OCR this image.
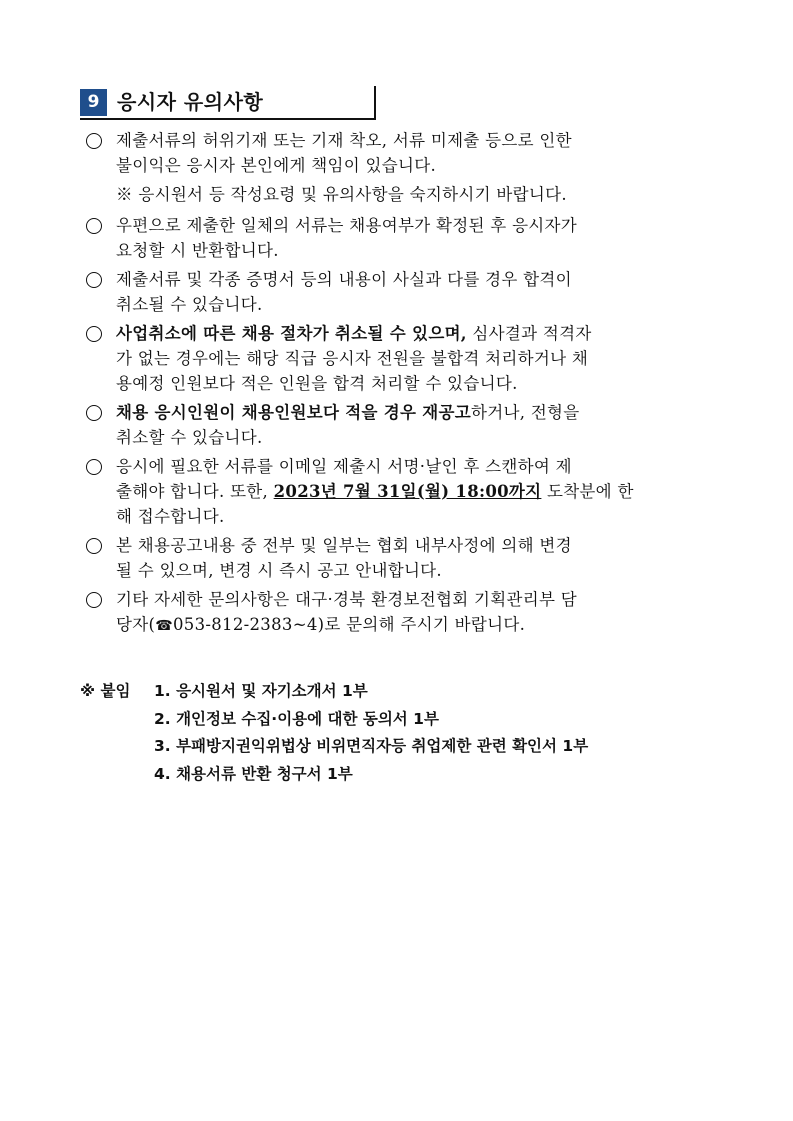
9 응시자 유의사항
제출서류의 허위기재 또는 기재 착오, 서류 미제출 등으로 인한
불이익은 응시자 본인에게 책임이 있습니다.
※ 응시원서 등 작성요령 및 유의사항을 숙지하시기 바랍니다.
우편으로 제출한 일체의 서류는 채용여부가 확정된 후 응시자가
요청할 시 반환합니다.
제출서류 및 각종 증명서 등의 내용이 사실과 다를 경우 합격이
취소될 수 있습니다.
사업취소에 따른 채용 절차가 취소될 수 있으며, 심사결과 적격자
가 없는 경우에는 해당 직급 응시자 전원을 불합격 처리하거나 채
용예정 인원보다 적은 인원을 합격 처리할 수 있습니다.
채용 응시인원이 채용인원보다 적을 경우 재공고하거나, 전형을
취소할 수 있습니다.
응시에 필요한 서류를 이메일 제출시 서명·날인 후 스캔하여 제
출해야 합니다. 또한, 2023년 7월 31일(월) 18:00까지 도착분에 한
해 접수합니다.
본 채용공고내용 중 전부 및 일부는 협회 내부사정에 의해 변경
될 수 있으며, 변경 시 즉시 공고 안내합니다.
기타 자세한 문의사항은 대구·경북 환경보전협회 기획관리부 담
당자(☎053-812-2383~4)로 문의해 주시기 바랍니다.
※ 붙임 1. 응시원서 및 자기소개서 1부
2. 개인정보 수집·이용에 대한 동의서 1부
3. 부패방지권익위법상 비위면직자등 취업제한 관련 확인서 1부
4. 채용서류 반환 청구서 1부
